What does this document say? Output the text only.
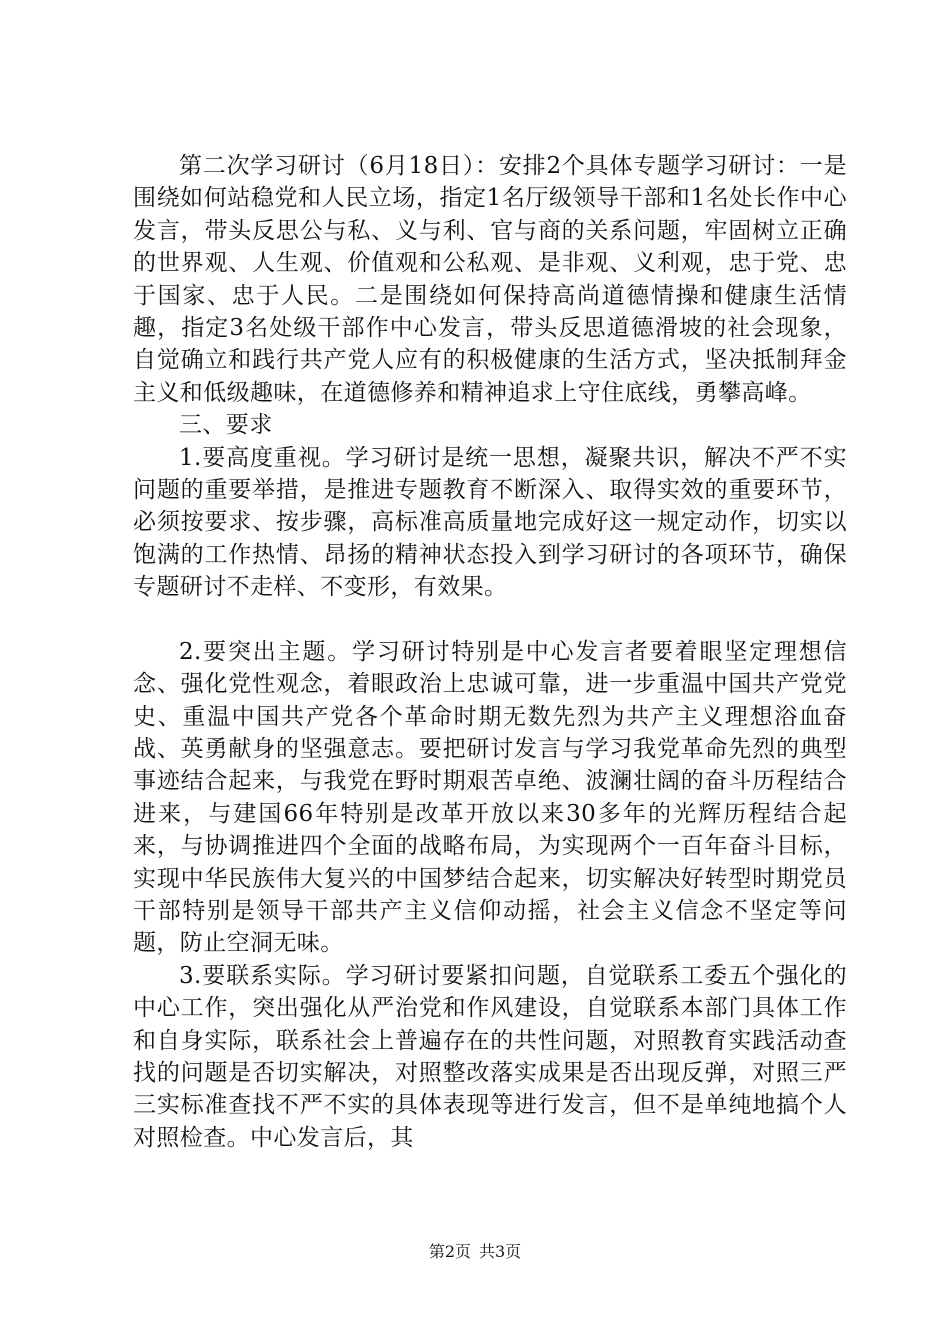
第二次学习研讨（6月18日）：安排2个具体专题学习研讨：一是围绕如何站稳党和人民立场，指定1名厅级领导干部和1名处长作中心发言，带头反思公与私、义与利、官与商的关系问题，牢固树立正确的世界观、人生观、价值观和公私观、是非观、义利观，忠于党、忠于国家、忠于人民。二是围绕如何保持高尚道德情操和健康生活情趣，指定3名处级干部作中心发言，带头反思道德滑坡的社会现象，自觉确立和践行共产党人应有的积极健康的生活方式，坚决抵制拜金主义和低级趣味，在道德修养和精神追求上守住底线，勇攀高峰。

三、要求

1.要高度重视。学习研讨是统一思想，凝聚共识，解决不严不实问题的重要举措，是推进专题教育不断深入、取得实效的重要环节，必须按要求、按步骤，高标准高质量地完成好这一规定动作，切实以饱满的工作热情、昂扬的精神状态投入到学习研讨的各项环节，确保专题研讨不走样、不变形，有效果。

2.要突出主题。学习研讨特别是中心发言者要着眼坚定理想信念、强化党性观念，着眼政治上忠诚可靠，进一步重温中国共产党党史、重温中国共产党各个革命时期无数先烈为共产主义理想浴血奋战、英勇献身的坚强意志。要把研讨发言与学习我党革命先烈的典型事迹结合起来，与我党在野时期艰苦卓绝、波澜壮阔的奋斗历程结合进来，与建国66年特别是改革开放以来30多年的光辉历程结合起来，与协调推进四个全面的战略布局，为实现两个一百年奋斗目标，实现中华民族伟大复兴的中国梦结合起来，切实解决好转型时期党员干部特别是领导干部共产主义信仰动摇，社会主义信念不坚定等问题，防止空洞无味。

3.要联系实际。学习研讨要紧扣问题，自觉联系工委五个强化的中心工作，突出强化从严治党和作风建设，自觉联系本部门具体工作和自身实际，联系社会上普遍存在的共性问题，对照教育实践活动查找的问题是否切实解决，对照整改落实成果是否出现反弹，对照三严三实标准查找不严不实的具体表现等进行发言，但不是单纯地搞个人对照检查。中心发言后，其

第2页 共3页
